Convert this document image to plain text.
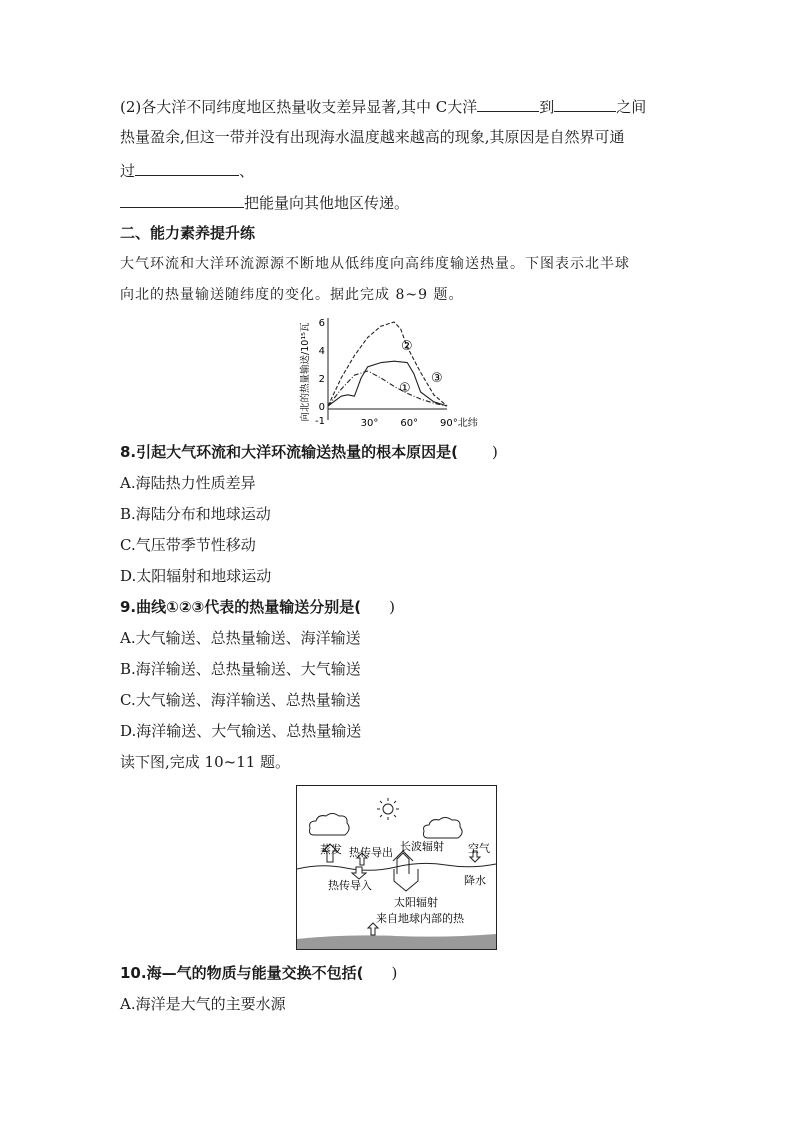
(2)各大洋不同纬度地区热量收支差异显著,其中 C大洋	到	之间
热量盈余,但这一带并没有出现海水温度越来越高的现象,其原因是自然界可通
过	、
把能量向其他地区传递。
二、能力素养提升练
大气环流和大洋环流源源不断地从低纬度向高纬度输送热量。下图表示北半球
向北的热量输送随纬度的变化。据此完成 8~9 题。
向北的热量输送/10¹⁵瓦 6
4
2
0
-1	30° 60° 90°北纬
①
②
③
8.引起大气环流和大洋环流输送热量的根本原因是( )
A.海陆热力性质差异
B.海陆分布和地球运动
C.气压带季节性移动
D.太阳辐射和地球运动
9.曲线①②③代表的热量输送分别是( )
A.大气输送、总热量输送、海洋输送
B.海洋输送、总热量输送、大气输送
C.大气输送、海洋输送、总热量输送
D.海洋输送、大气输送、总热量输送
读下图,完成 10~11 题。
蒸发 热传导出 长波辐射 空气
热传导入	降水
太阳辐射
来自地球内部的热
10.海—气的物质与能量交换不包括( )
A.海洋是大气的主要水源
